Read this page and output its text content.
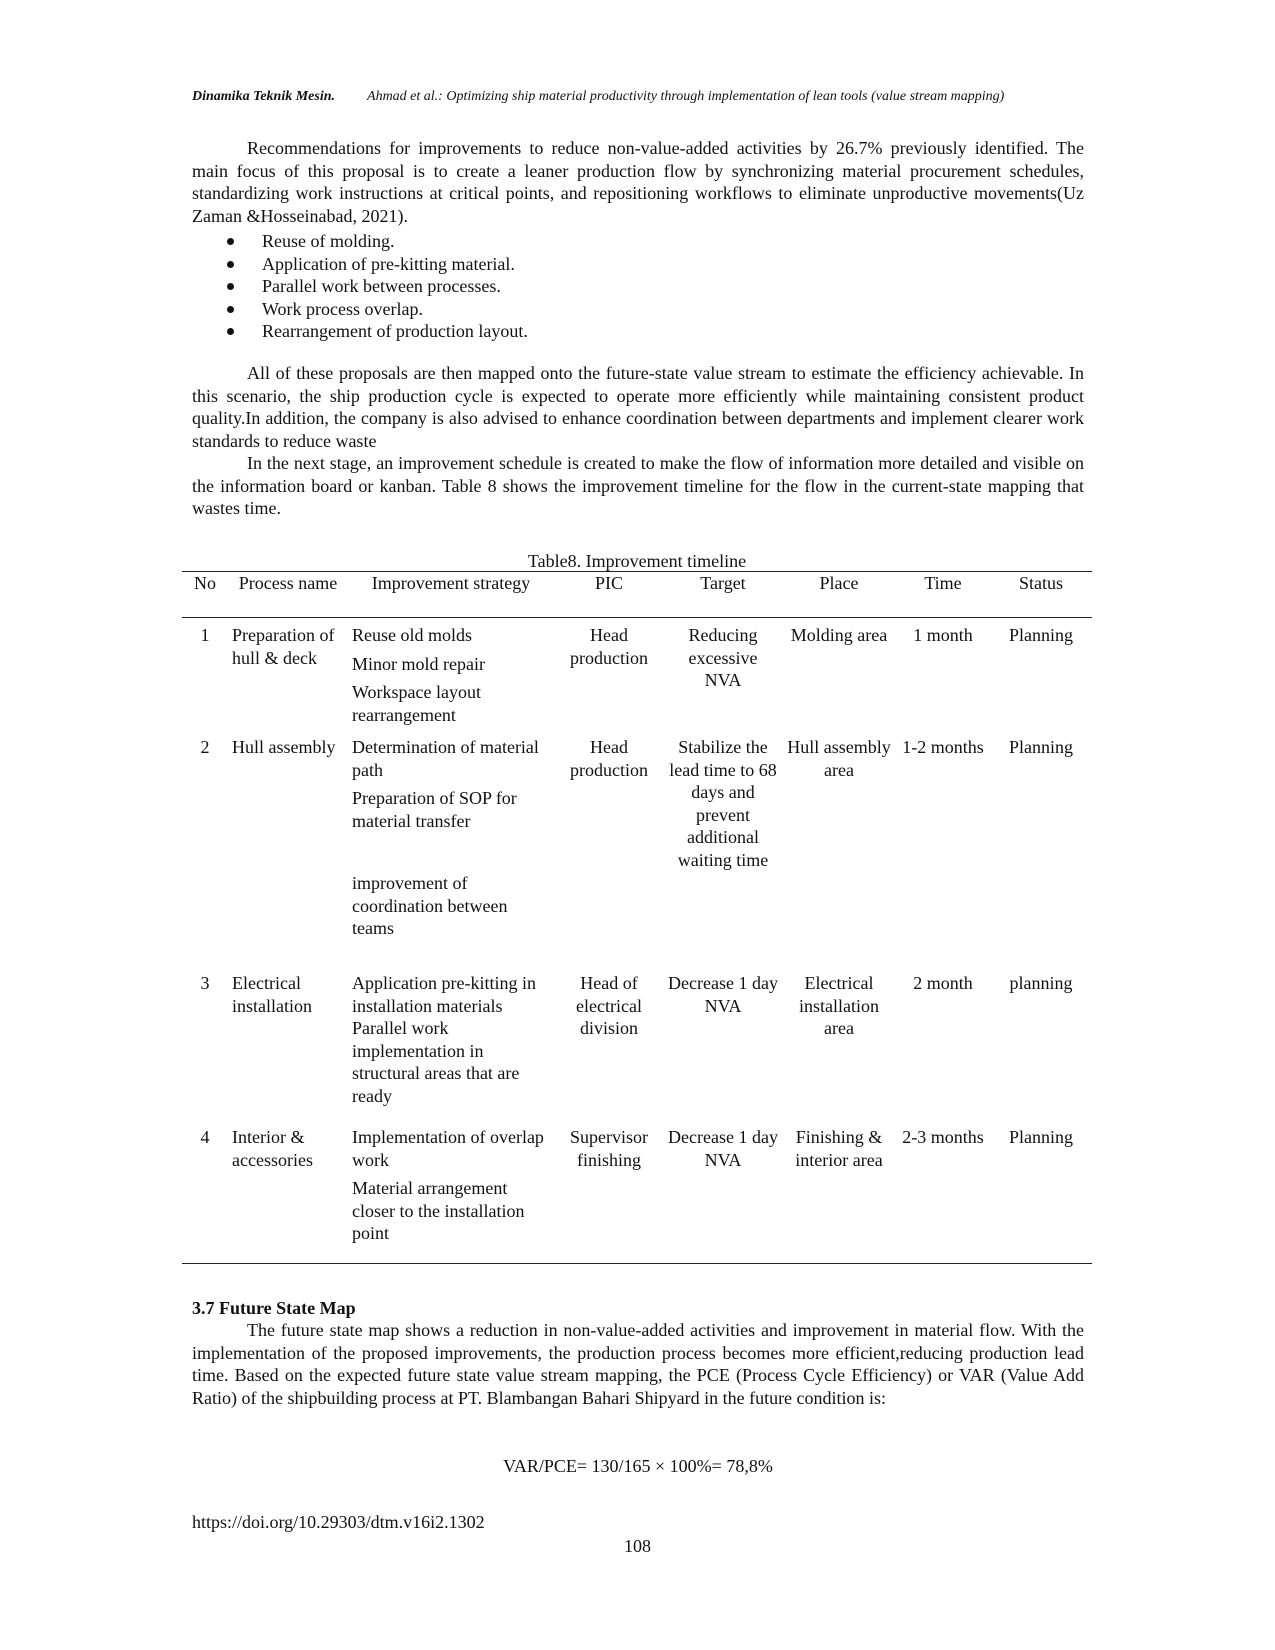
Dinamika Teknik Mesin. Ahmad et al.: Optimizing ship material productivity through implementation of lean tools (value stream mapping)

Recommendations for improvements to reduce non-value-added activities by 26.7% previously identified. The main focus of this proposal is to create a leaner production flow by synchronizing material procurement schedules, standardizing work instructions at critical points, and repositioning workflows to eliminate unproductive movements(Uz Zaman &Hosseinabad, 2021).

Reuse of molding.
Application of pre-kitting material.
Parallel work between processes.
Work process overlap.
Rearrangement of production layout.

All of these proposals are then mapped onto the future-state value stream to estimate the efficiency achievable. In this scenario, the ship production cycle is expected to operate more efficiently while maintaining consistent product quality.In addition, the company is also advised to enhance coordination between departments and implement clearer work standards to reduce waste

In the next stage, an improvement schedule is created to make the flow of information more detailed and visible on the information board or kanban. Table 8 shows the improvement timeline for the flow in the current-state mapping that wastes time.

Table8. Improvement timeline
No	Process name	Improvement strategy	PIC	Target	Place	Time	Status
1	Preparation of hull & deck	Reuse old molds
Minor mold repair
Workspace layout rearrangement	Head production	Reducing excessive NVA	Molding area	1 month	Planning
2	Hull assembly	Determination of material path
Preparation of SOP for material transfer
improvement of coordination between teams	Head production	Stabilize the lead time to 68 days and prevent additional waiting time	Hull assembly area	1-2 months	Planning
3	Electrical installation	Application pre-kitting in installation materials
Parallel work implementation in structural areas that are ready	Head of electrical division	Decrease 1 day NVA	Electrical installation area	2 month	planning
4	Interior & accessories	Implementation of overlap work
Material arrangement closer to the installation point	Supervisor finishing	Decrease 1 day NVA	Finishing & interior area	2-3 months	Planning
3.7 Future State Map

The future state map shows a reduction in non-value-added activities and improvement in material flow. With the implementation of the proposed improvements, the production process becomes more efficient,reducing production lead time. Based on the expected future state value stream mapping, the PCE (Process Cycle Efficiency) or VAR (Value Add Ratio) of the shipbuilding process at PT. Blambangan Bahari Shipyard in the future condition is:

VAR/PCE= 130/165 × 100%= 78,8%
https://doi.org/10.29303/dtm.v16i2.1302
108
